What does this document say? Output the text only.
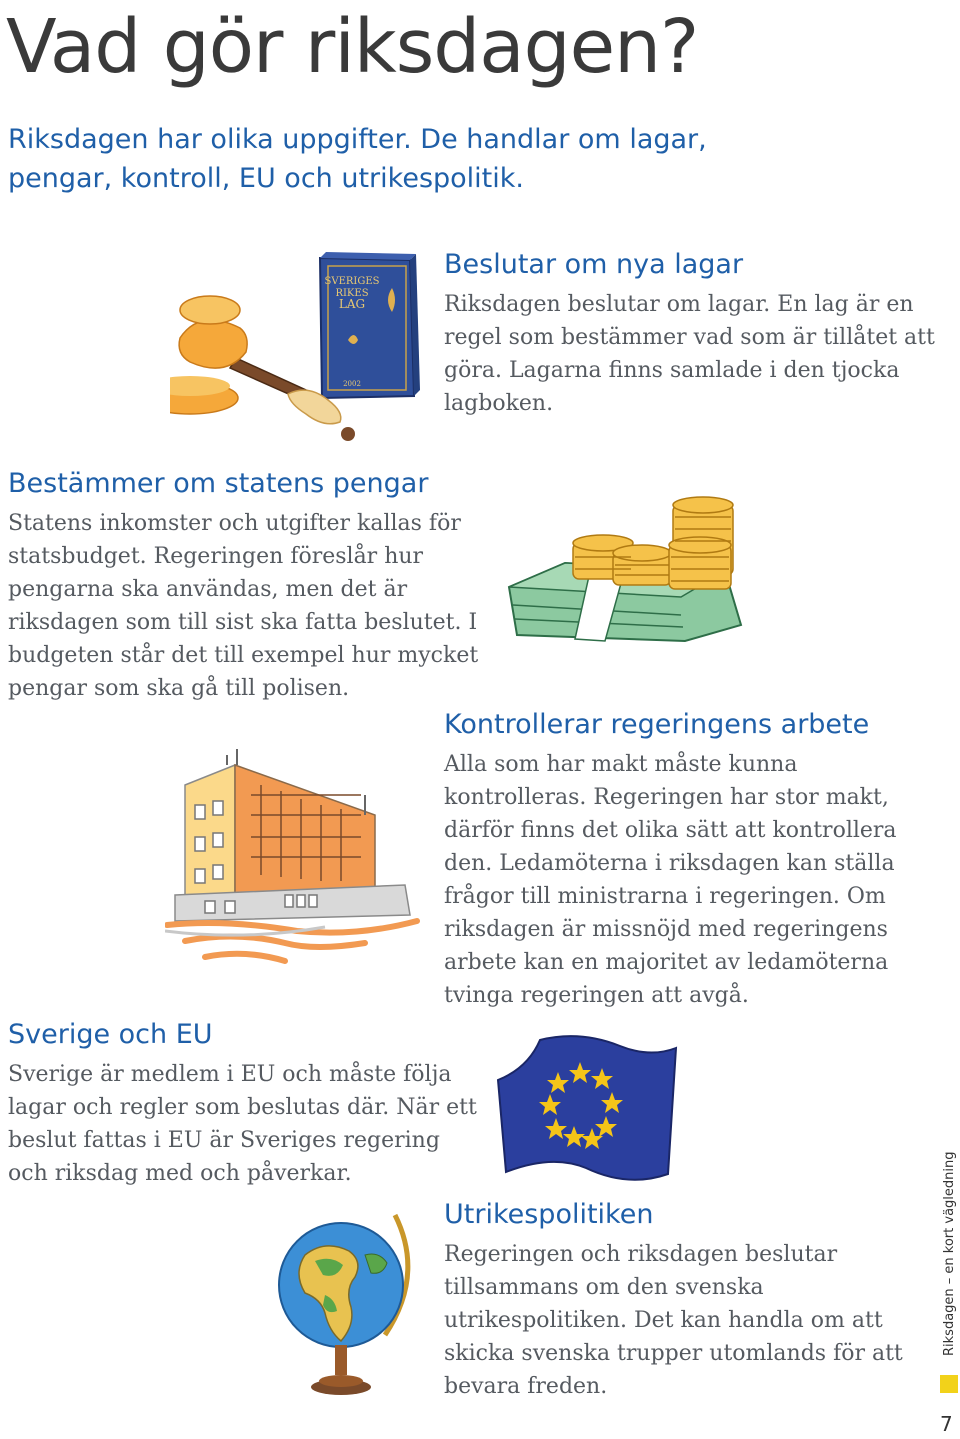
Vad gör riksdagen?

Riksdagen har olika uppgifter. De handlar om lagar, pengar, kontroll, EU och utrikespolitik.

SVERIGES
RIKES
LAG
2002
Beslutar om nya lagar

Riksdagen beslutar om lagar. En lag är en regel som bestämmer vad som är tillåtet att göra. Lagarna finns samlade i den tjocka lagboken.

Bestämmer om statens pengar

Statens inkomster och utgifter kallas för statsbudget. Regeringen föreslår hur pengarna ska användas, men det är riksdagen som till sist ska fatta beslutet. I budgeten står det till exempel hur mycket pengar som ska gå till polisen.

Kontrollerar regeringens arbete

Alla som har makt måste kunna kontrolleras. Regeringen har stor makt, därför finns det olika sätt att kontrollera den. Ledamöterna i riksdagen kan ställa frågor till ministrarna i regeringen. Om riksdagen är missnöjd med regeringens arbete kan en majoritet av ledamöterna tvinga regeringen att avgå.

Sverige och EU

Sverige är medlem i EU och måste följa lagar och regler som beslutas där. När ett beslut fattas i EU är Sveriges regering och riksdag med och påverkar.

Utrikespolitiken

Regeringen och riksdagen beslutar tillsammans om den svenska utrikespolitiken. Det kan handla om att skicka svenska trupper utomlands för att bevara freden.

Riksdagen – en kort vägledning
7
